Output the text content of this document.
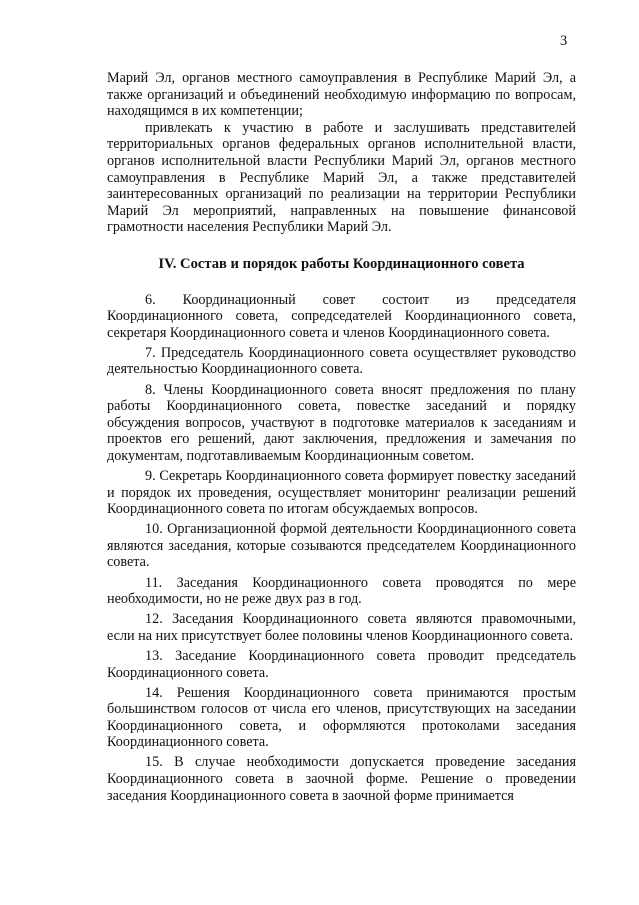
3

Марий Эл, органов местного самоуправления в Республике Марий Эл, а также организаций и объединений необходимую информацию по вопросам, находящимся в их компетенции;

привлекать к участию в работе и заслушивать представителей территориальных органов федеральных органов исполнительной власти, органов исполнительной власти Республики Марий Эл, органов местного самоуправления в Республике Марий Эл, а также представителей заинтересованных организаций по реализации на территории Республики Марий Эл мероприятий, направленных на повышение финансовой грамотности населения Республики Марий Эл.

IV. Состав и порядок работы Координационного совета

6. Координационный совет состоит из председателя Координационного совета, сопредседателей Координационного совета, секретаря Координационного совета и членов Координационного совета.

7. Председатель Координационного совета осуществляет руководство деятельностью Координационного совета.

8. Члены Координационного совета вносят предложения по плану работы Координационного совета, повестке заседаний и порядку обсуждения вопросов, участвуют в подготовке материалов к заседаниям и проектов его решений, дают заключения, предложения и замечания по документам, подготавливаемым Координационным советом.

9. Секретарь Координационного совета формирует повестку заседаний и порядок их проведения, осуществляет мониторинг реализации решений Координационного совета по итогам обсуждаемых вопросов.

10. Организационной формой деятельности Координационного совета являются заседания, которые созываются председателем Координационного совета.

11. Заседания Координационного совета проводятся по мере необходимости, но не реже двух раз в год.

12. Заседания Координационного совета являются правомочными, если на них присутствует более половины членов Координационного совета.

13. Заседание Координационного совета проводит председатель Координационного совета.

14. Решения Координационного совета принимаются простым большинством голосов от числа его членов, присутствующих на заседании Координационного совета, и оформляются протоколами заседания Координационного совета.

15. В случае необходимости допускается проведение заседания Координационного совета в заочной форме. Решение о проведении заседания Координационного совета в заочной форме принимается
